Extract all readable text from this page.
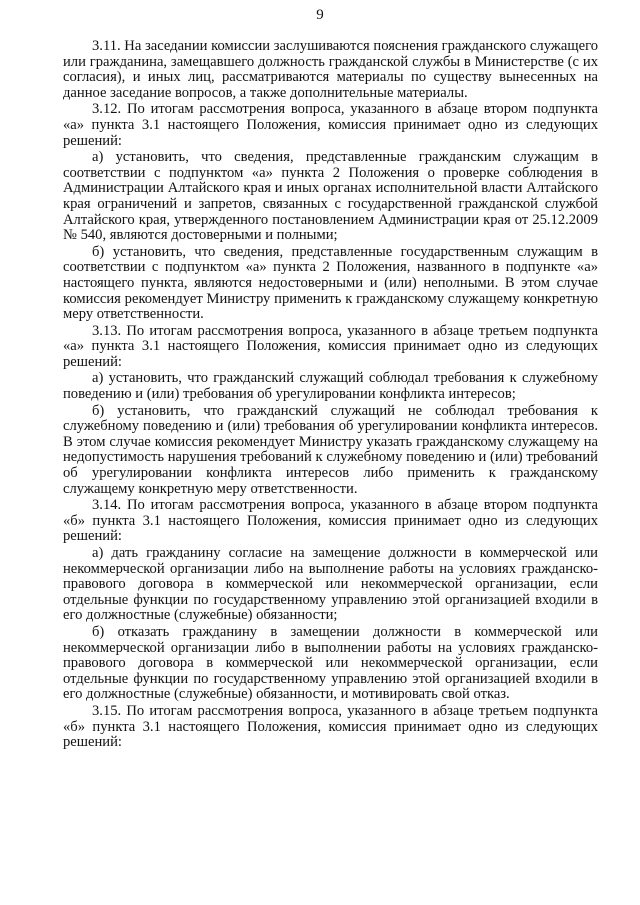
9

3.11. На заседании комиссии заслушиваются пояснения гражданского служащего или гражданина, замещавшего должность гражданской службы в Министерстве (с их согласия), и иных лиц, рассматриваются материалы по существу вынесенных на данное заседание вопросов, а также дополнительные материалы.

3.12. По итогам рассмотрения вопроса, указанного в абзаце втором подпункта «а» пункта 3.1 настоящего Положения, комиссия принимает одно из следующих решений:

а) установить, что сведения, представленные гражданским служащим в соответствии с подпунктом «а» пункта 2 Положения о проверке соблюдения в Администрации Алтайского края и иных органах исполнительной власти Алтайского края ограничений и запретов, связанных с государственной гражданской службой Алтайского края, утвержденного постановлением Администрации края от 25.12.2009 № 540, являются достоверными и полными;

б) установить, что сведения, представленные государственным служащим в соответствии с подпунктом «а» пункта 2 Положения, названного в подпункте «а» настоящего пункта, являются недостоверными и (или) неполными. В этом случае комиссия рекомендует Министру применить к гражданскому служащему конкретную меру ответственности.

3.13. По итогам рассмотрения вопроса, указанного в абзаце третьем подпункта «а» пункта 3.1 настоящего Положения, комиссия принимает одно из следующих решений:

а) установить, что гражданский служащий соблюдал требования к служебному поведению и (или) требования об урегулировании конфликта интересов;

б) установить, что гражданский служащий не соблюдал требования к служебному поведению и (или) требования об урегулировании конфликта интересов. В этом случае комиссия рекомендует Министру указать гражданскому служащему на недопустимость нарушения требований к служебному поведению и (или) требований об урегулировании конфликта интересов либо применить к гражданскому служащему конкретную меру ответственности.

3.14. По итогам рассмотрения вопроса, указанного в абзаце втором подпункта «б» пункта 3.1 настоящего Положения, комиссия принимает одно из следующих решений:

а) дать гражданину согласие на замещение должности в коммерческой или некоммерческой организации либо на выполнение работы на условиях гражданско-правового договора в коммерческой или некоммерческой организации, если отдельные функции по государственному управлению этой организацией входили в его должностные (служебные) обязанности;

б) отказать гражданину в замещении должности в коммерческой или некоммерческой организации либо в выполнении работы на условиях гражданско-правового договора в коммерческой или некоммерческой организации, если отдельные функции по государственному управлению этой организацией входили в его должностные (служебные) обязанности, и мотивировать свой отказ.

3.15. По итогам рассмотрения вопроса, указанного в абзаце третьем подпункта «б» пункта 3.1 настоящего Положения, комиссия принимает одно из следующих решений:
